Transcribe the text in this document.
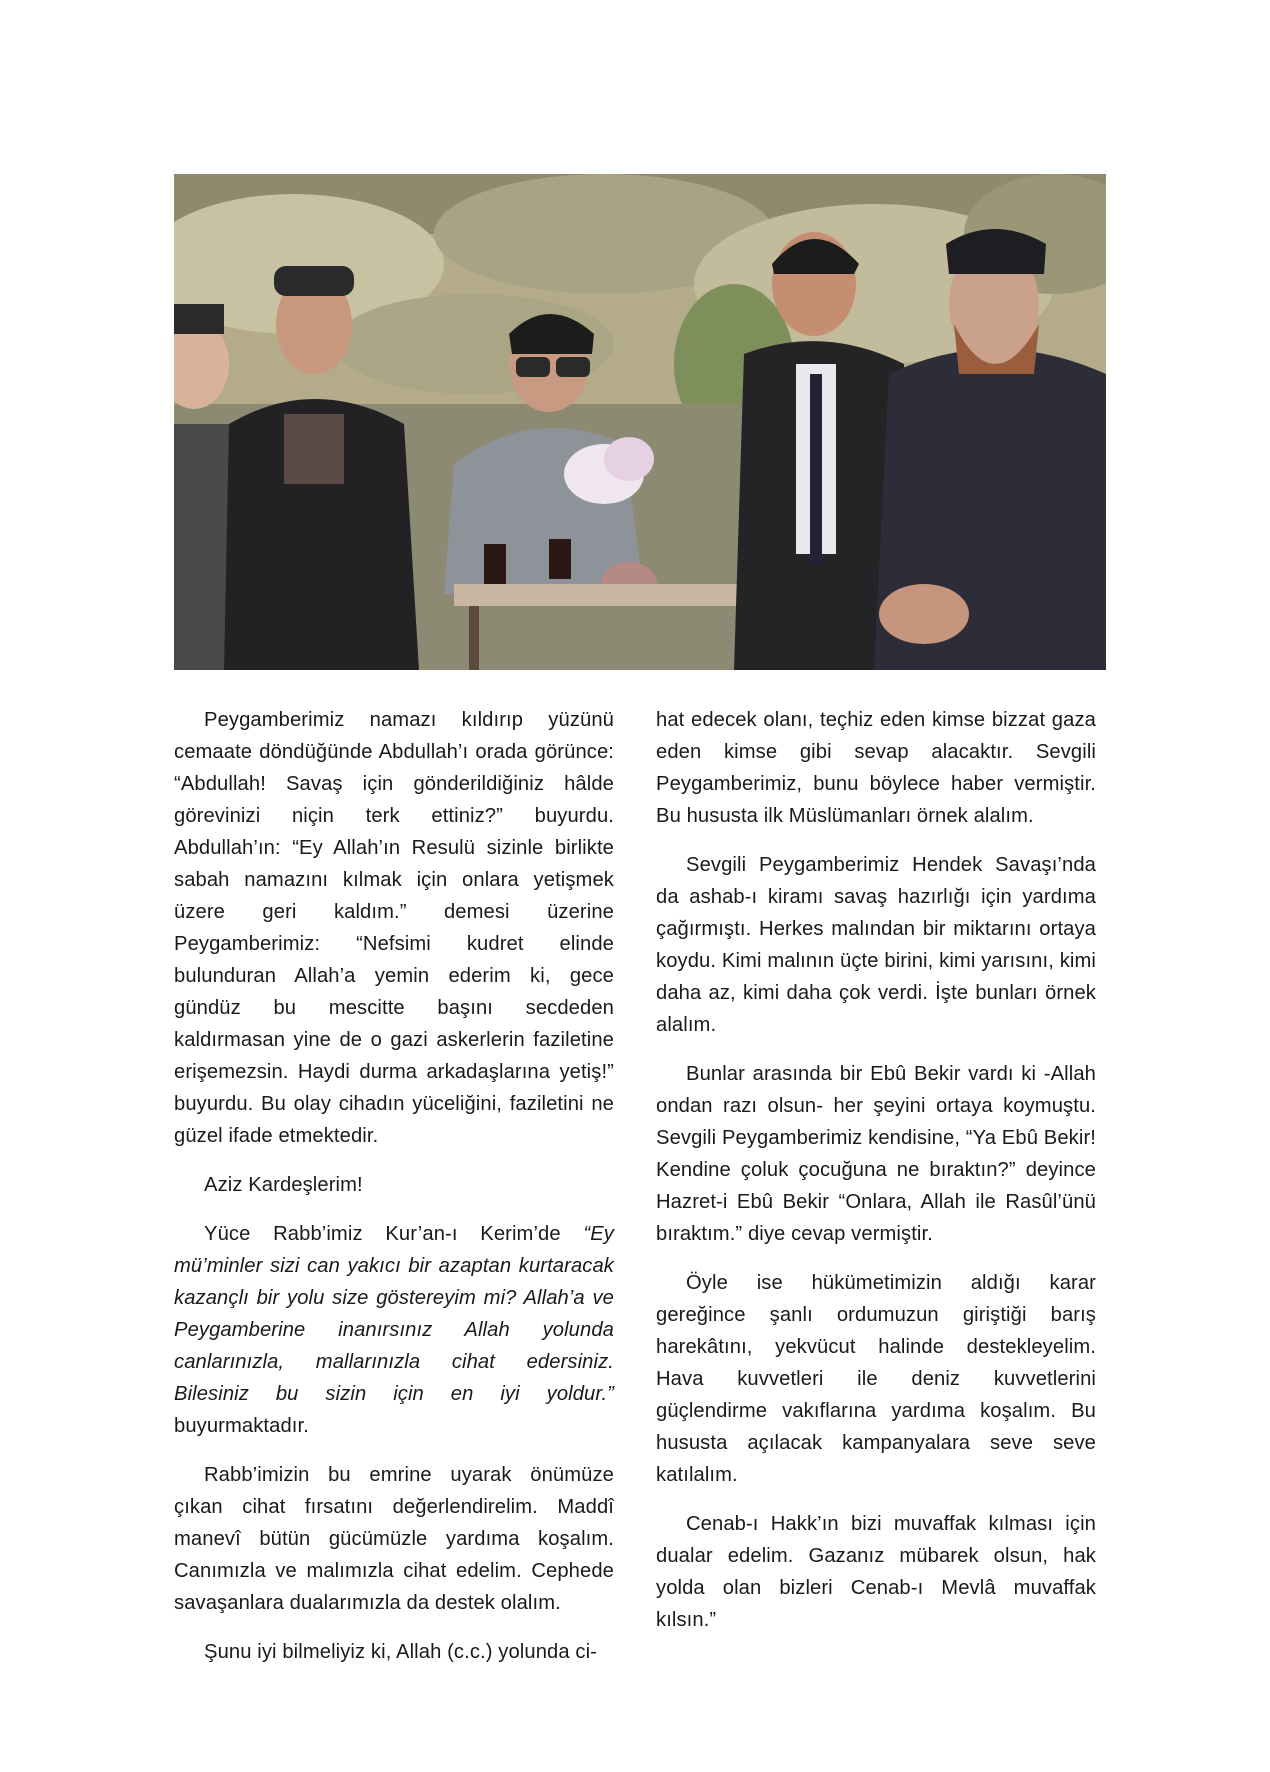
Peygamberimiz namazı kıldırıp yüzünü cemaate döndüğünde Abdullah’ı orada görünce: “Abdullah! Savaş için gönderildiğiniz hâlde görevinizi niçin terk ettiniz?” buyurdu. Abdullah’ın: “Ey Allah’ın Resulü sizinle birlikte sabah namazını kılmak için onlara yetişmek üzere geri kaldım.” demesi üzerine Peygamberimiz: “Nefsimi kudret elinde bulunduran Allah’a yemin ederim ki, gece gündüz bu mescitte başını secdeden kaldırmasan yine de o gazi askerlerin faziletine erişemezsin. Haydi durma arkadaşlarına yetiş!” buyurdu. Bu olay cihadın yüceliğini, faziletini ne güzel ifade etmektedir.

Aziz Kardeşlerim!

Yüce Rabb’imiz Kur’an-ı Kerim’de “Ey mü’minler sizi can yakıcı bir azaptan kurtaracak kazançlı bir yolu size göstereyim mi? Allah’a ve Peygamberine inanırsınız Allah yolunda canlarınızla, mallarınızla cihat edersiniz. Bilesiniz bu sizin için en iyi yoldur.” buyurmaktadır.

Rabb’imizin bu emrine uyarak önümüze çıkan cihat fırsatını değerlendirelim. Maddî manevî bütün gücümüzle yardıma koşalım. Canımızla ve malımızla cihat edelim. Cephede savaşanlara dualarımızla da destek olalım.

Şunu iyi bilmeliyiz ki, Allah (c.c.) yolunda ci-

hat edecek olanı, teçhiz eden kimse bizzat gaza eden kimse gibi sevap alacaktır. Sevgili Peygamberimiz, bunu böylece haber vermiştir. Bu hususta ilk Müslümanları örnek alalım.

Sevgili Peygamberimiz Hendek Savaşı’nda da ashab-ı kiramı savaş hazırlığı için yardıma çağırmıştı. Herkes malından bir miktarını ortaya koydu. Kimi malının üçte birini, kimi yarısını, kimi daha az, kimi daha çok verdi. İşte bunları örnek alalım.

Bunlar arasında bir Ebû Bekir vardı ki -Allah ondan razı olsun- her şeyini ortaya koymuştu. Sevgili Peygamberimiz kendisine, “Ya Ebû Bekir! Kendine çoluk çocuğuna ne bıraktın?” deyince Hazret-i Ebû Bekir “Onlara, Allah ile Rasûl’ünü bıraktım.” diye cevap vermiştir.

Öyle ise hükümetimizin aldığı karar gereğince şanlı ordumuzun giriştiği barış harekâtını, yekvücut halinde destekleyelim. Hava kuvvetleri ile deniz kuvvetlerini güçlendirme vakıflarına yardıma koşalım. Bu hususta açılacak kampanyalara seve seve katılalım.

Cenab-ı Hakk’ın bizi muvaffak kılması için dualar edelim. Gazanız mübarek olsun, hak yolda olan bizleri Cenab-ı Mevlâ muvaffak kılsın.”
